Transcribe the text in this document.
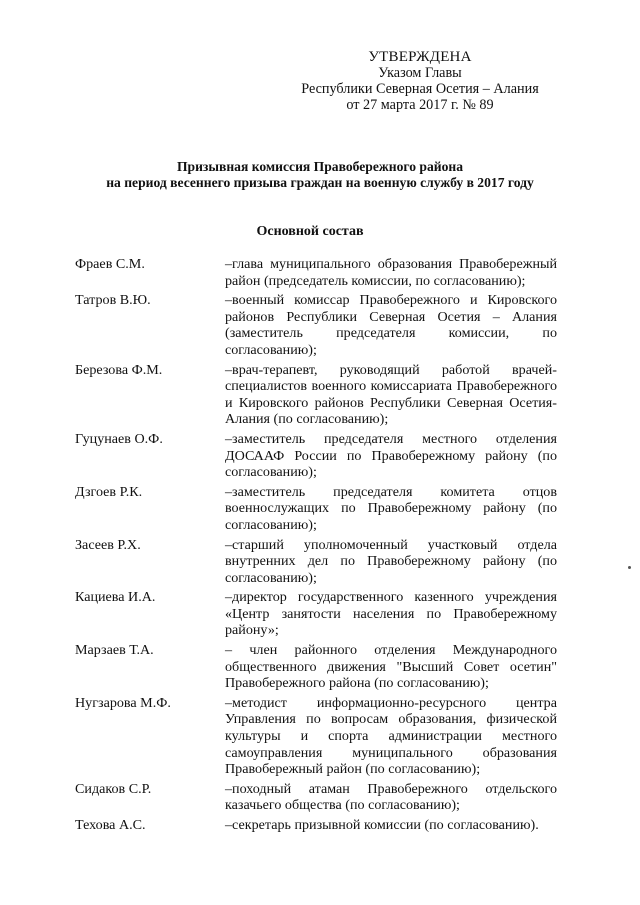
УТВЕРЖДЕНА
Указом Главы
Республики Северная Осетия – Алания
от 27 марта 2017 г. № 89
Призывная комиссия Правобережного района
на период весеннего призыва граждан на военную службу в 2017 году
Основной состав
Фраев С.М.	–глава муниципального образования Правобережный район (председатель комиссии, по согласованию);
Татров В.Ю.	–военный комиссар Правобережного и Кировского районов Республики Северная Осетия – Алания (заместитель председателя комиссии, по согласованию);
Березова Ф.М.	–врач-терапевт, руководящий работой врачей-специалистов военного комиссариата Правобережного и Кировского районов Республики Северная Осетия-Алания (по согласованию);
Гуцунаев О.Ф.	–заместитель председателя местного отделения ДОСААФ России по Правобережному району (по согласованию);
Дзгоев Р.К.	–заместитель председателя комитета отцов военнослужащих по Правобережному району (по согласованию);
Засеев Р.Х.	–старший уполномоченный участковый отдела внутренних дел по Правобережному району (по согласованию);
Кациева И.А.	–директор государственного казенного учреждения «Центр занятости населения по Правобережному району»;
Марзаев Т.А.	– член районного отделения Международного общественного движения "Высший Совет осетин" Правобережного района (по согласованию);
Нугзарова М.Ф.	–методист информационно-ресурсного центра Управления по вопросам образования, физической культуры и спорта администрации местного самоуправления муниципального образования Правобережный район (по согласованию);
Сидаков С.Р.	–походный атаман Правобережного отдельского казачьего общества (по согласованию);
Техова А.С.	–секретарь призывной комиссии (по согласованию).
